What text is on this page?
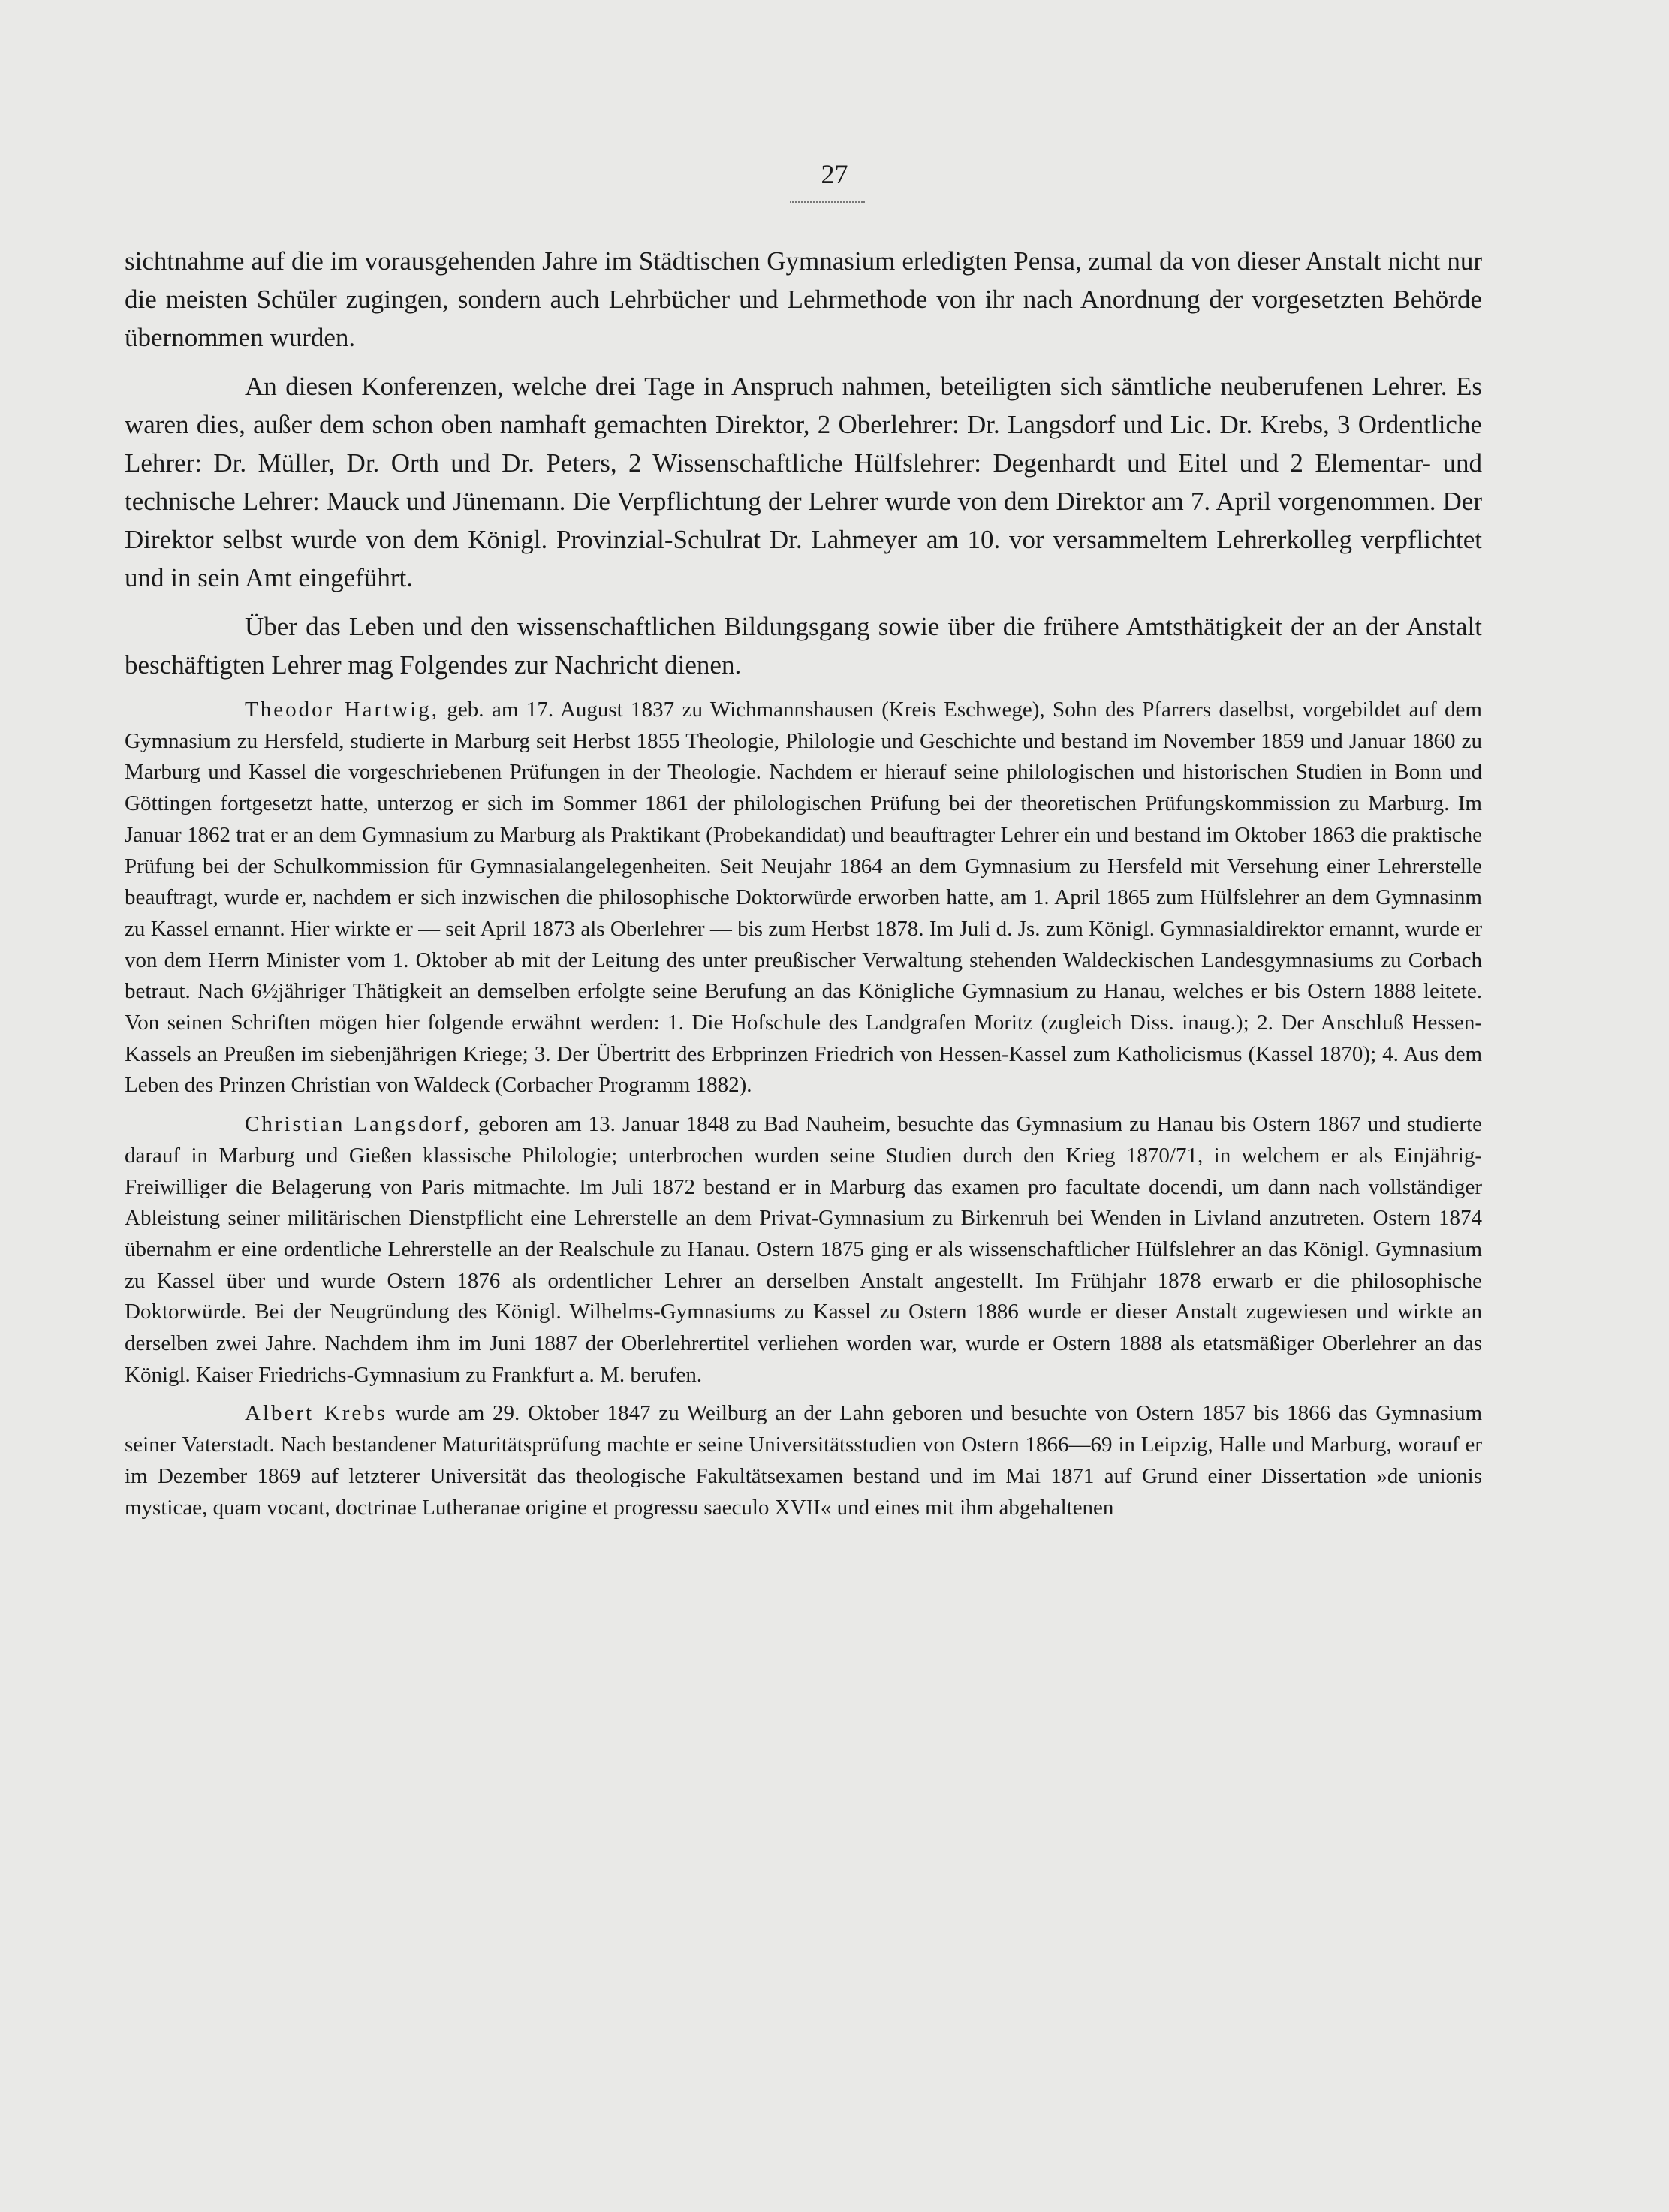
27

sichtnahme auf die im vorausgehenden Jahre im Städtischen Gymnasium erledigten Pensa, zumal da von dieser Anstalt nicht nur die meisten Schüler zugingen, sondern auch Lehrbücher und Lehrmethode von ihr nach Anordnung der vorgesetzten Behörde übernommen wurden.

An diesen Konferenzen, welche drei Tage in Anspruch nahmen, beteiligten sich sämtliche neuberufenen Lehrer. Es waren dies, außer dem schon oben namhaft gemachten Direktor, 2 Oberlehrer: Dr. Langsdorf und Lic. Dr. Krebs, 3 Ordentliche Lehrer: Dr. Müller, Dr. Orth und Dr. Peters, 2 Wissenschaftliche Hülfslehrer: Degenhardt und Eitel und 2 Elementar- und technische Lehrer: Mauck und Jünemann. Die Verpflichtung der Lehrer wurde von dem Direktor am 7. April vorgenommen. Der Direktor selbst wurde von dem Königl. Provinzial-Schulrat Dr. Lahmeyer am 10. vor versammeltem Lehrerkolleg verpflichtet und in sein Amt eingeführt.

Über das Leben und den wissenschaftlichen Bildungsgang sowie über die frühere Amtsthätigkeit der an der Anstalt beschäftigten Lehrer mag Folgendes zur Nachricht dienen.

Theodor Hartwig, geb. am 17. August 1837 zu Wichmannshausen (Kreis Eschwege), Sohn des Pfarrers daselbst, vorgebildet auf dem Gymnasium zu Hersfeld, studierte in Marburg seit Herbst 1855 Theologie, Philologie und Geschichte und bestand im November 1859 und Januar 1860 zu Marburg und Kassel die vorgeschriebenen Prüfungen in der Theologie. Nachdem er hierauf seine philologischen und historischen Studien in Bonn und Göttingen fortgesetzt hatte, unterzog er sich im Sommer 1861 der philologischen Prüfung bei der theoretischen Prüfungskommission zu Marburg. Im Januar 1862 trat er an dem Gymnasium zu Marburg als Praktikant (Probekandidat) und beauftragter Lehrer ein und bestand im Oktober 1863 die praktische Prüfung bei der Schulkommission für Gymnasialangelegenheiten. Seit Neujahr 1864 an dem Gymnasium zu Hersfeld mit Versehung einer Lehrerstelle beauftragt, wurde er, nachdem er sich inzwischen die philosophische Doktorwürde erworben hatte, am 1. April 1865 zum Hülfslehrer an dem Gymnasinm zu Kassel ernannt. Hier wirkte er — seit April 1873 als Oberlehrer — bis zum Herbst 1878. Im Juli d. Js. zum Königl. Gymnasialdirektor ernannt, wurde er von dem Herrn Minister vom 1. Oktober ab mit der Leitung des unter preußischer Verwaltung stehenden Waldeckischen Landesgymnasiums zu Corbach betraut. Nach 6½jähriger Thätigkeit an demselben erfolgte seine Berufung an das Königliche Gymnasium zu Hanau, welches er bis Ostern 1888 leitete. Von seinen Schriften mögen hier folgende erwähnt werden: 1. Die Hofschule des Landgrafen Moritz (zugleich Diss. inaug.); 2. Der Anschluß Hessen-Kassels an Preußen im siebenjährigen Kriege; 3. Der Übertritt des Erbprinzen Friedrich von Hessen-Kassel zum Katholicismus (Kassel 1870); 4. Aus dem Leben des Prinzen Christian von Waldeck (Corbacher Programm 1882).

Christian Langsdorf, geboren am 13. Januar 1848 zu Bad Nauheim, besuchte das Gymnasium zu Hanau bis Ostern 1867 und studierte darauf in Marburg und Gießen klassische Philologie; unterbrochen wurden seine Studien durch den Krieg 1870/71, in welchem er als Einjährig-Freiwilliger die Belagerung von Paris mitmachte. Im Juli 1872 bestand er in Marburg das examen pro facultate docendi, um dann nach vollständiger Ableistung seiner militärischen Dienstpflicht eine Lehrerstelle an dem Privat-Gymnasium zu Birkenruh bei Wenden in Livland anzutreten. Ostern 1874 übernahm er eine ordentliche Lehrerstelle an der Realschule zu Hanau. Ostern 1875 ging er als wissenschaftlicher Hülfslehrer an das Königl. Gymnasium zu Kassel über und wurde Ostern 1876 als ordentlicher Lehrer an derselben Anstalt angestellt. Im Frühjahr 1878 erwarb er die philosophische Doktorwürde. Bei der Neugründung des Königl. Wilhelms-Gymnasiums zu Kassel zu Ostern 1886 wurde er dieser Anstalt zugewiesen und wirkte an derselben zwei Jahre. Nachdem ihm im Juni 1887 der Oberlehrertitel verliehen worden war, wurde er Ostern 1888 als etatsmäßiger Oberlehrer an das Königl. Kaiser Friedrichs-Gymnasium zu Frankfurt a. M. berufen.

Albert Krebs wurde am 29. Oktober 1847 zu Weilburg an der Lahn geboren und besuchte von Ostern 1857 bis 1866 das Gymnasium seiner Vaterstadt. Nach bestandener Maturitätsprüfung machte er seine Universitätsstudien von Ostern 1866—69 in Leipzig, Halle und Marburg, worauf er im Dezember 1869 auf letzterer Universität das theologische Fakultätsexamen bestand und im Mai 1871 auf Grund einer Dissertation »de unionis mysticae, quam vocant, doctrinae Lutheranae origine et progressu saeculo XVII« und eines mit ihm abgehaltenen
